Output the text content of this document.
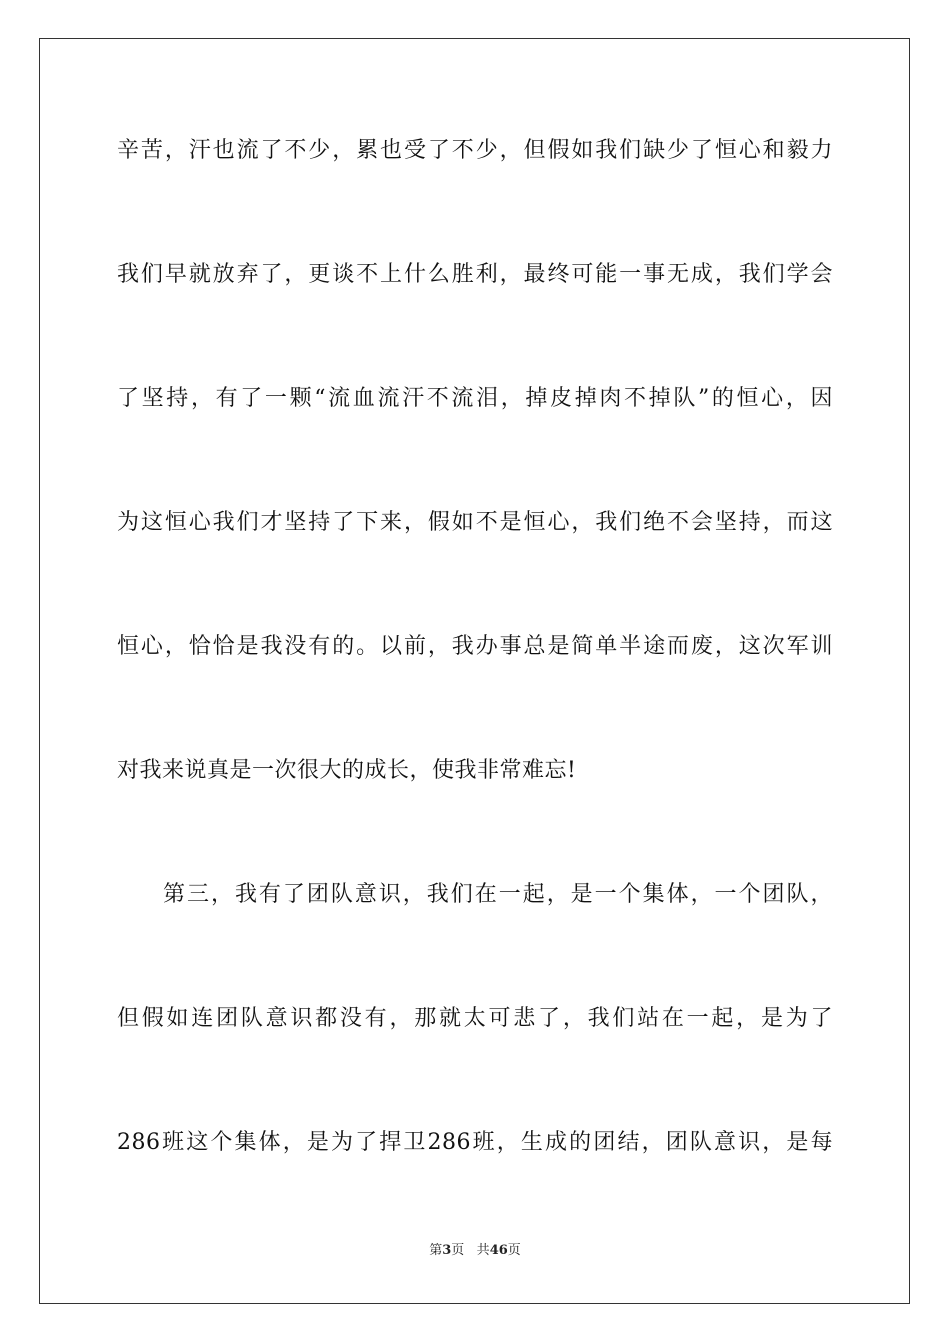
辛苦，汗也流了不少，累也受了不少，但假如我们缺少了恒心和毅力
我们早就放弃了，更谈不上什么胜利，最终可能一事无成，我们学会
了坚持，有了一颗“流血流汗不流泪，掉皮掉肉不掉队”的恒心，因
为这恒心我们才坚持了下来，假如不是恒心，我们绝不会坚持，而这
恒心，恰恰是我没有的。以前，我办事总是简单半途而废，这次军训
对我来说真是一次很大的成长，使我非常难忘!
第三，我有了团队意识，我们在一起，是一个集体，一个团队，
但假如连团队意识都没有，那就太可悲了，我们站在一起，是为了
286班这个集体，是为了捍卫286班，生成的团结，团队意识，是每
第3页 共46页
